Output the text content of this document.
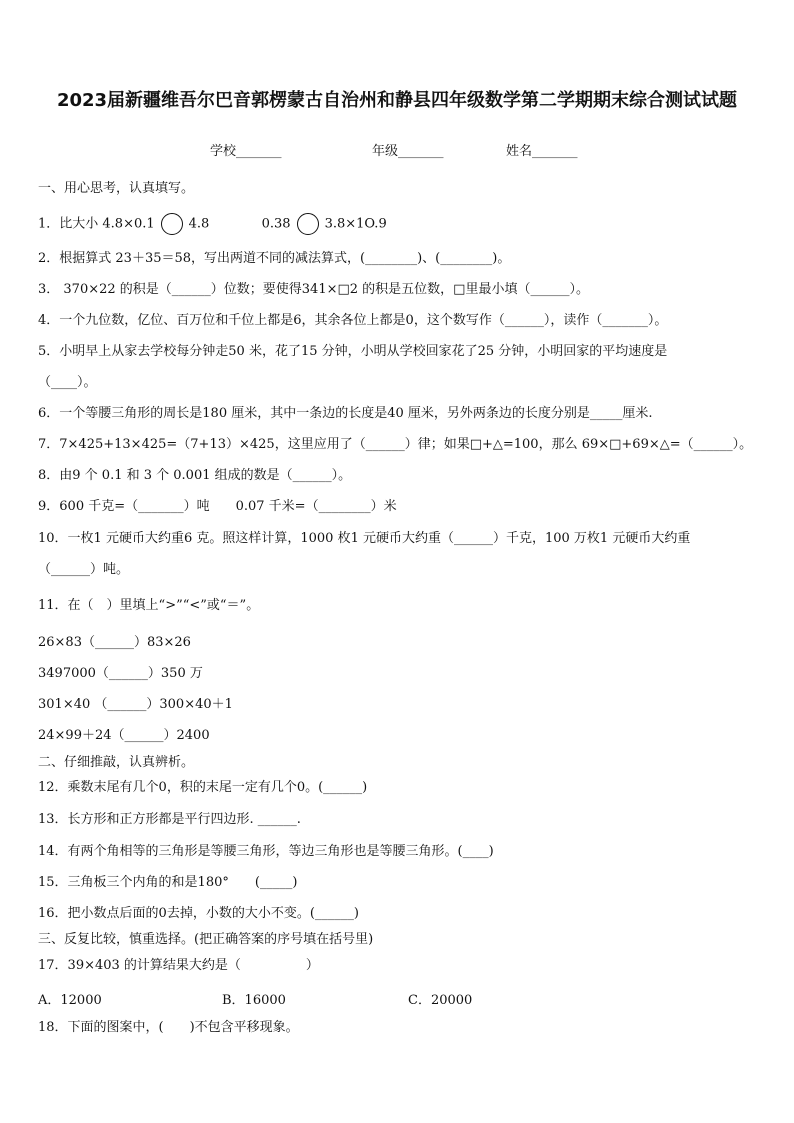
2023届新疆维吾尔巴音郭楞蒙古自治州和静县四年级数学第二学期期末综合测试试题
学校_______	年级_______	姓名_______
一、用心思考，认真填写。
1．比大小 4.8×0.1	4.8	0.38	3.8×1O.9
2．根据算式 23＋35＝58，写出两道不同的减法算式，(________)、(________)。
3． 370×22 的积是（______）位数；要使得341×□2 的积是五位数，□里最小填（______）。
4．一个九位数，亿位、百万位和千位上都是6，其余各位上都是0，这个数写作（______），读作（_______）。
5．小明早上从家去学校每分钟走50 米，花了15 分钟，小明从学校回家花了25 分钟，小明回家的平均速度是
（____）。
6．一个等腰三角形的周长是180 厘米，其中一条边的长度是40 厘米，另外两条边的长度分别是_____厘米.
7．7×425+13×425=（7+13）×425，这里应用了（______）律；如果□+△=100，那么 69×□+69×△=（______）。
8．由9 个 0.1 和 3 个 0.001 组成的数是（______）。
9．600 千克=（_______）吨　　0.07 千米=（________）米
10．一枚1 元硬币大约重6 克。照这样计算，1000 枚1 元硬币大约重（______）千克，100 万枚1 元硬币大约重
（______）吨。
11．在（　）里填上“>”“<”或“＝”。
26×83（______）83×26
3497000（______）350 万
301×40 （______）300×40＋1
24×99＋24（______）2400
二、仔细推敲，认真辨析。
12．乘数末尾有几个0，积的末尾一定有几个0。(______)
13．长方形和正方形都是平行四边形. ______.
14．有两个角相等的三角形是等腰三角形，等边三角形也是等腰三角形。(____)
15．三角板三个内角的和是180°　　(_____)
16．把小数点后面的0去掉，小数的大小不变。(______)
三、反复比较，慎重选择。(把正确答案的序号填在括号里)
17．39×403 的计算结果大约是（　　　　　）
A．12000	B．16000	C．20000
18．下面的图案中，(　　)不包含平移现象。
